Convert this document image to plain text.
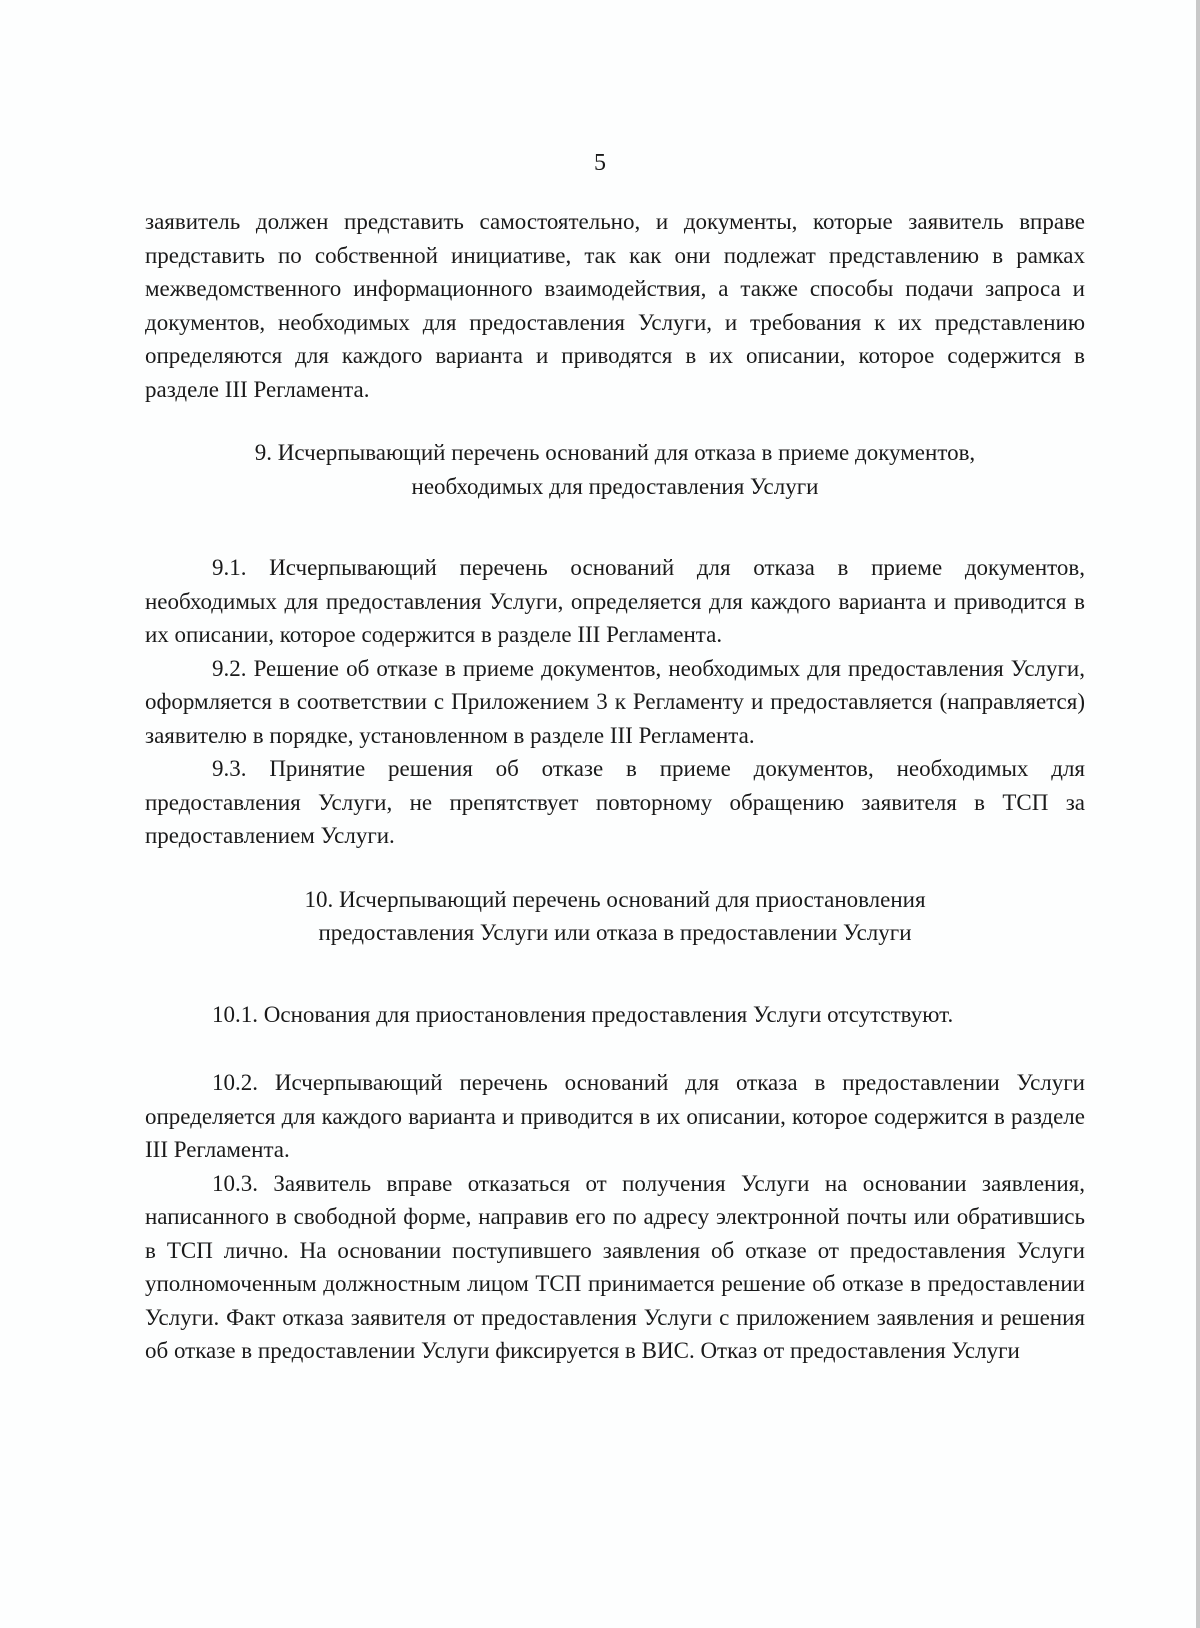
5

заявитель должен представить самостоятельно, и документы, которые заявитель вправе представить по собственной инициативе, так как они подлежат представлению в рамках межведомственного информационного взаимодействия, а также способы подачи запроса и документов, необходимых для предоставления Услуги, и требования к их представлению определяются для каждого варианта и приводятся в их описании, которое содержится в разделе III Регламента.

9. Исчерпывающий перечень оснований для отказа в приеме документов,

необходимых для предоставления Услуги

9.1. Исчерпывающий перечень оснований для отказа в приеме документов, необходимых для предоставления Услуги, определяется для каждого варианта и приводится в их описании, которое содержится в разделе III Регламента.

9.2. Решение об отказе в приеме документов, необходимых для предоставления Услуги, оформляется в соответствии с Приложением 3 к Регламенту и предоставляется (направляется) заявителю в порядке, установленном в разделе III Регламента.

9.3. Принятие решения об отказе в приеме документов, необходимых для предоставления Услуги, не препятствует повторному обращению заявителя в ТСП за предоставлением Услуги.

10. Исчерпывающий перечень оснований для приостановления

предоставления Услуги или отказа в предоставлении Услуги

10.1. Основания для приостановления предоставления Услуги отсутствуют.

10.2. Исчерпывающий перечень оснований для отказа в предоставлении Услуги определяется для каждого варианта и приводится в их описании, которое содержится в разделе III Регламента.

10.3. Заявитель вправе отказаться от получения Услуги на основании заявления, написанного в свободной форме, направив его по адресу электронной почты или обратившись в ТСП лично. На основании поступившего заявления об отказе от предоставления Услуги уполномоченным должностным лицом ТСП принимается решение об отказе в предоставлении Услуги. Факт отказа заявителя от предоставления Услуги с приложением заявления и решения об отказе в предоставлении Услуги фиксируется в ВИС. Отказ от предоставления Услуги
